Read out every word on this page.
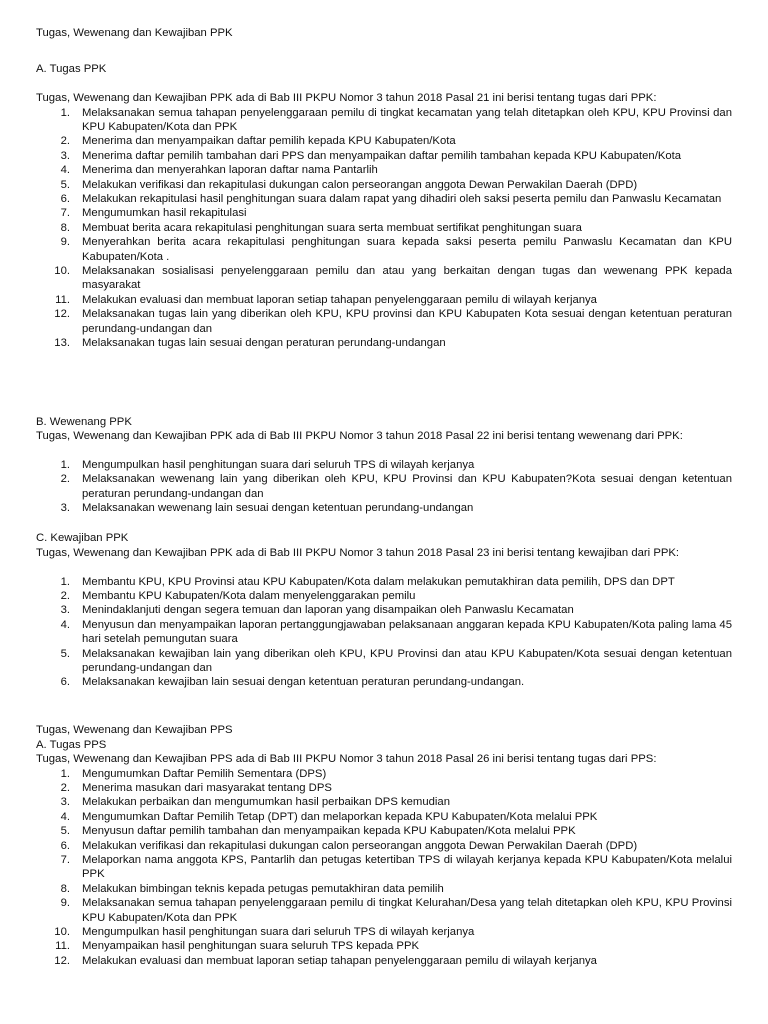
Tugas, Wewenang dan Kewajiban PPK
A. Tugas PPK
Tugas, Wewenang dan Kewajiban PPK ada di Bab III PKPU Nomor 3 tahun 2018 Pasal 21 ini berisi tentang tugas dari PPK:
1. Melaksanakan semua tahapan penyelenggaraan pemilu di tingkat kecamatan yang telah ditetapkan oleh KPU, KPU Provinsi dan KPU Kabupaten/Kota dan PPK
2. Menerima dan menyampaikan daftar pemilih kepada KPU Kabupaten/Kota
3. Menerima daftar pemilih tambahan dari PPS dan menyampaikan daftar pemilih tambahan kepada KPU Kabupaten/Kota
4. Menerima dan menyerahkan laporan daftar nama Pantarlih
5. Melakukan verifikasi dan rekapitulasi dukungan calon perseorangan anggota Dewan Perwakilan Daerah (DPD)
6. Melakukan rekapitulasi hasil penghitungan suara dalam rapat yang dihadiri oleh saksi peserta pemilu dan Panwaslu Kecamatan
7. Mengumumkan hasil rekapitulasi
8. Membuat berita acara rekapitulasi penghitungan suara serta membuat sertifikat penghitungan suara
9. Menyerahkan berita acara rekapitulasi penghitungan suara kepada saksi peserta pemilu Panwaslu Kecamatan dan KPU Kabupaten/Kota .
10. Melaksanakan sosialisasi penyelenggaraan pemilu dan atau yang berkaitan dengan tugas dan wewenang PPK kepada masyarakat
11. Melakukan evaluasi dan membuat laporan setiap tahapan penyelenggaraan pemilu di wilayah kerjanya
12. Melaksanakan tugas lain yang diberikan oleh KPU, KPU provinsi dan KPU Kabupaten Kota sesuai dengan ketentuan peraturan perundang-undangan dan
13. Melaksanakan tugas lain sesuai dengan peraturan perundang-undangan
B. Wewenang PPK
Tugas, Wewenang dan Kewajiban PPK ada di Bab III PKPU Nomor 3 tahun 2018 Pasal 22 ini berisi tentang wewenang dari PPK:
1. Mengumpulkan hasil penghitungan suara dari seluruh TPS di wilayah kerjanya
2. Melaksanakan wewenang lain yang diberikan oleh KPU, KPU Provinsi dan KPU Kabupaten?Kota sesuai dengan ketentuan peraturan perundang-undangan dan
3. Melaksanakan wewenang lain sesuai dengan ketentuan perundang-undangan
C. Kewajiban PPK
Tugas, Wewenang dan Kewajiban PPK ada di Bab III PKPU Nomor 3 tahun 2018 Pasal 23 ini berisi tentang kewajiban dari PPK:
1. Membantu KPU, KPU Provinsi atau KPU Kabupaten/Kota dalam melakukan pemutakhiran data pemilih, DPS dan DPT
2. Membantu KPU Kabupaten/Kota dalam menyelenggarakan pemilu
3. Menindaklanjuti dengan segera temuan dan laporan yang disampaikan oleh Panwaslu Kecamatan
4. Menyusun dan menyampaikan laporan pertanggungjawaban pelaksanaan anggaran kepada KPU Kabupaten/Kota paling lama 45 hari setelah pemungutan suara
5. Melaksanakan kewajiban lain yang diberikan oleh KPU, KPU Provinsi dan atau KPU Kabupaten/Kota sesuai dengan ketentuan perundang-undangan dan
6. Melaksanakan kewajiban lain sesuai dengan ketentuan peraturan perundang-undangan.
Tugas, Wewenang dan Kewajiban PPS
A. Tugas PPS
Tugas, Wewenang dan Kewajiban PPS ada di Bab III PKPU Nomor 3 tahun 2018 Pasal 26 ini berisi tentang tugas dari PPS:
1. Mengumumkan Daftar Pemilih Sementara (DPS)
2. Menerima masukan dari masyarakat tentang DPS
3. Melakukan perbaikan dan mengumumkan hasil perbaikan DPS kemudian
4. Mengumumkan Daftar Pemilih Tetap (DPT) dan melaporkan kepada KPU Kabupaten/Kota melalui PPK
5. Menyusun daftar pemilih tambahan dan menyampaikan kepada KPU Kabupaten/Kota melalui PPK
6. Melakukan verifikasi dan rekapitulasi dukungan calon perseorangan anggota Dewan Perwakilan Daerah (DPD)
7. Melaporkan nama anggota KPS, Pantarlih dan petugas ketertiban TPS di wilayah kerjanya kepada KPU Kabupaten/Kota melalui PPK
8. Melakukan bimbingan teknis kepada petugas pemutakhiran data pemilih
9. Melaksanakan semua tahapan penyelenggaraan pemilu di tingkat Kelurahan/Desa yang telah ditetapkan oleh KPU, KPU Provinsi KPU Kabupaten/Kota dan PPK
10. Mengumpulkan hasil penghitungan suara dari seluruh TPS di wilayah kerjanya
11. Menyampaikan hasil penghitungan suara seluruh TPS kepada PPK
12. Melakukan evaluasi dan membuat laporan setiap tahapan penyelenggaraan pemilu di wilayah kerjanya
